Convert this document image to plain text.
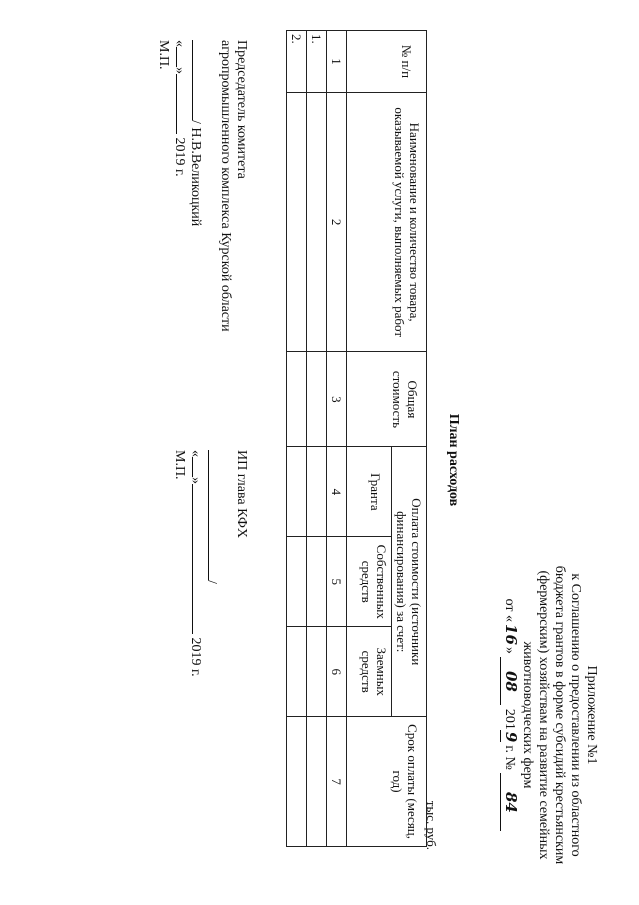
Приложение №1
к Соглашению о предоставлении из областного
бюджета грантов в форме субсидий крестьянским
(фермерским) хозяйствам на развитие семейных
животноводческих ферм
от «16» 08 2019 г. № 84
План расходов
тыс. руб.
№ п/п	Наименование и количество товара, оказываемой услуги, выполняемых работ	Общая стоимость	Оплата стоимости (источники финансирования) за счет:			Срок оплаты (месяц, год)
			Гранта	Собственных средств	Заемных средств	
1	2	3	4	5	6	7
1.						
2.						
Председатель комитета
агропромышленного комплекса Курской области
/ Н.В.Великоцкий
«» 2019 г.
М.П.
ИП глава КФХ
/
«» 2019 г.
М.П.
